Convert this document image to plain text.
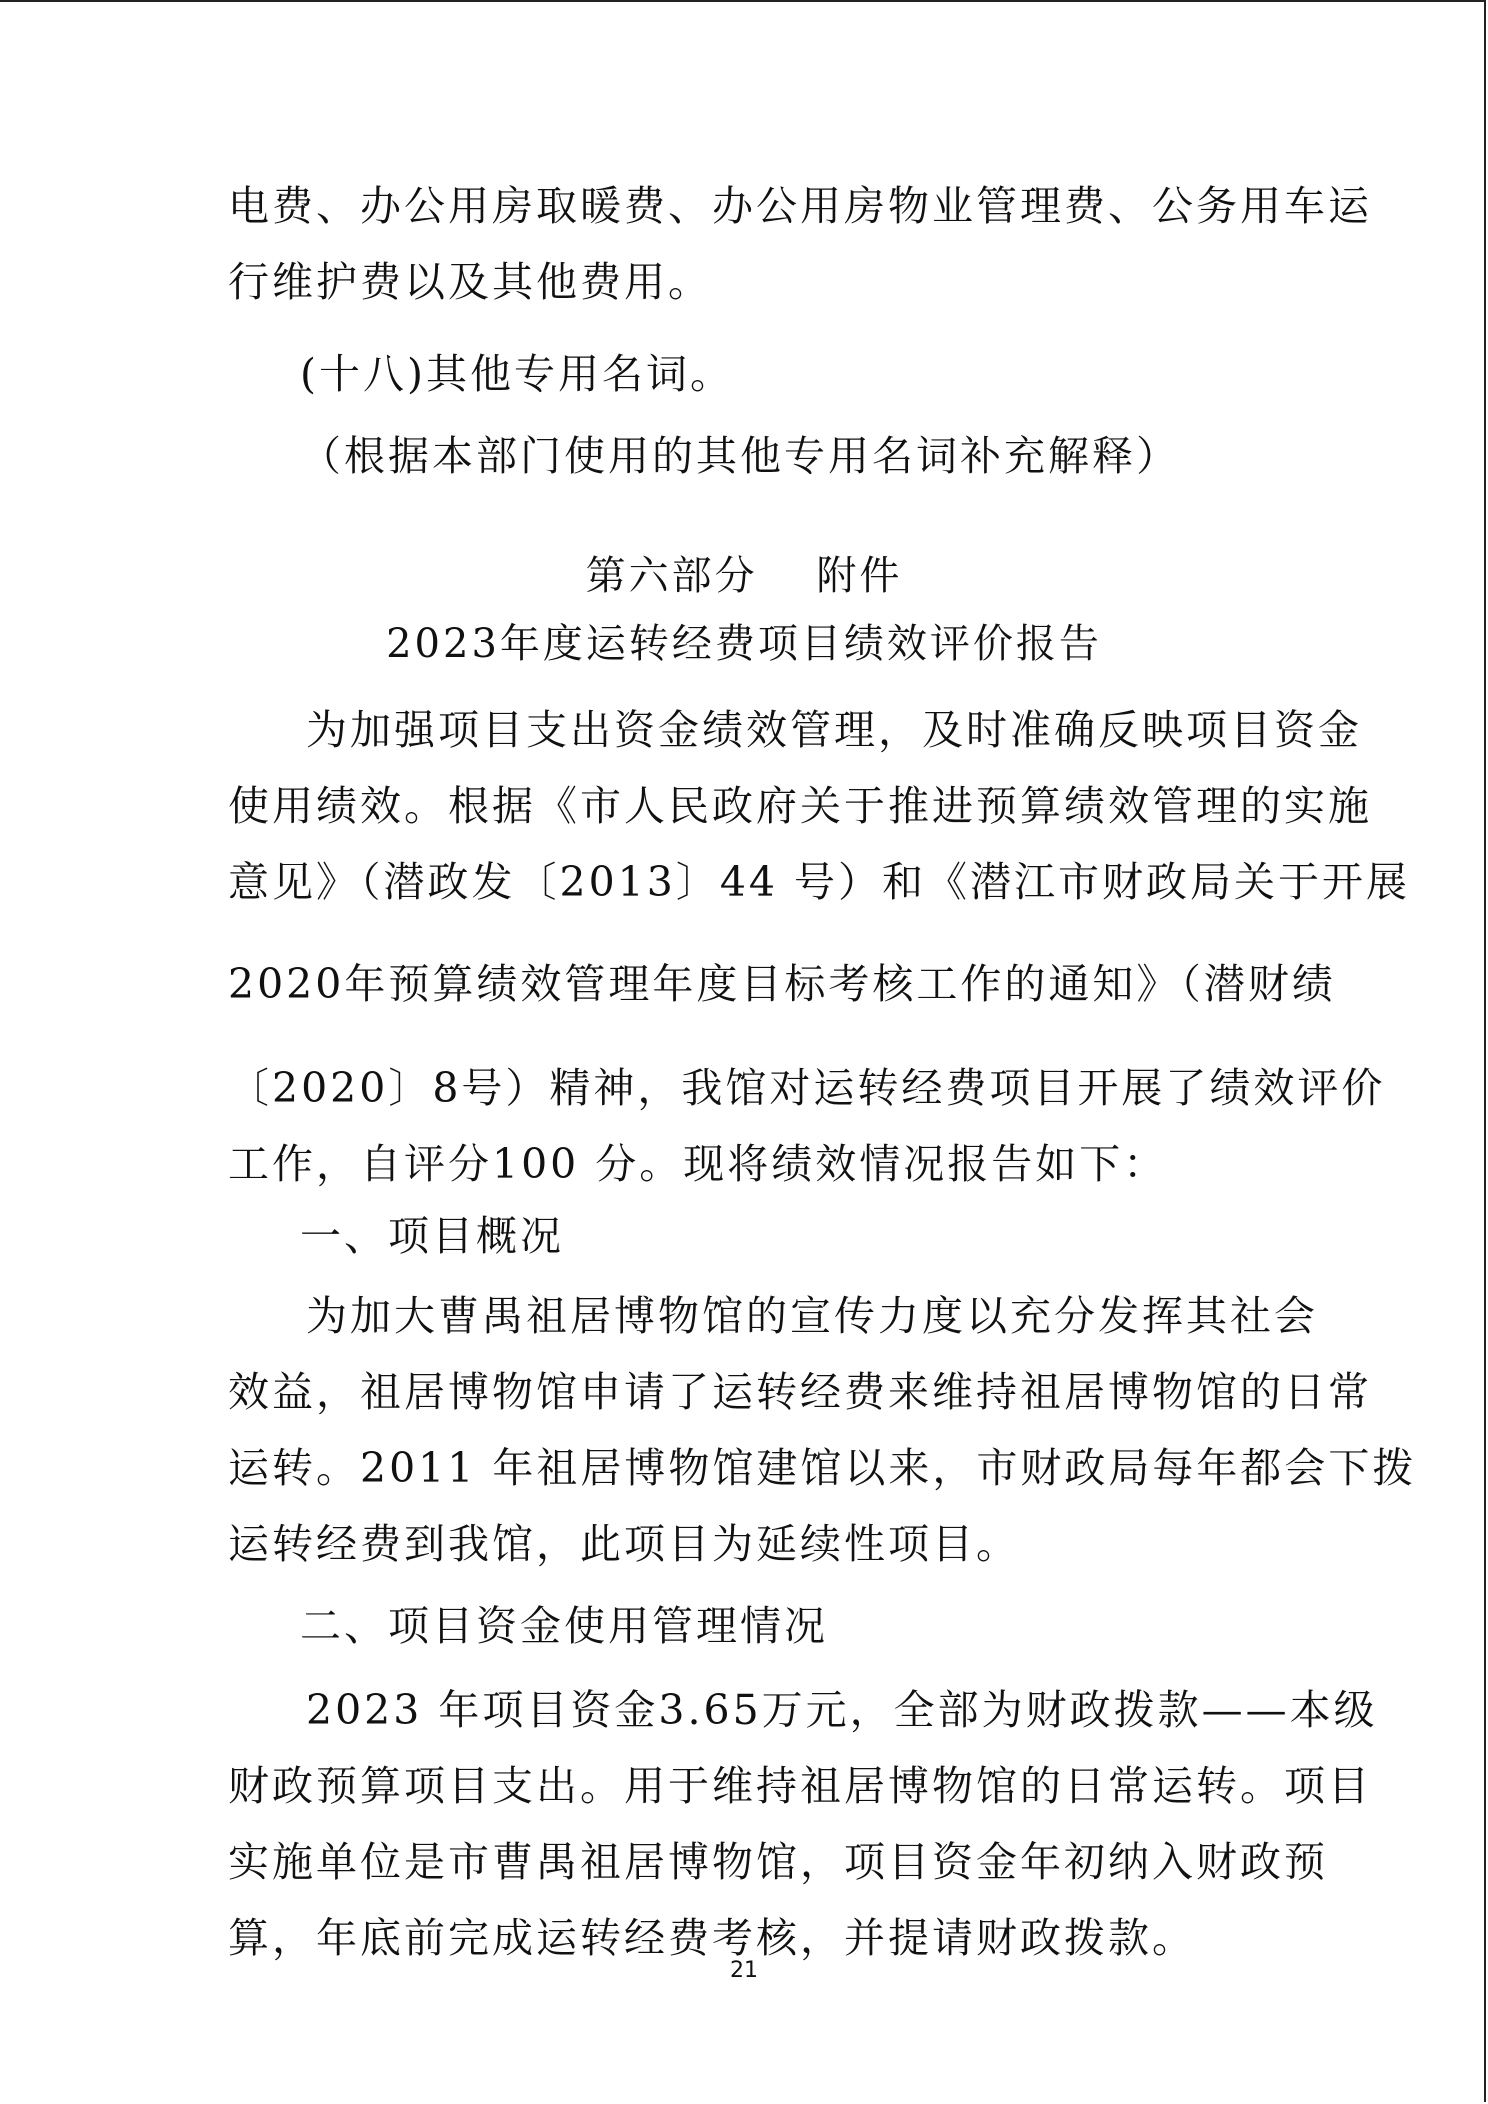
电费、办公用房取暖费、办公用房物业管理费、公务用车运
行维护费以及其他费用。
(十八)其他专用名词。
（根据本部门使用的其他专用名词补充解释）
第六部分　 附件
2023年度运转经费项目绩效评价报告
为加强项目支出资金绩效管理，及时准确反映项目资金
使用绩效。根据《市人民政府关于推进预算绩效管理的实施
意见》（潜政发〔2013〕44 号）和《潜江市财政局关于开展
2020年预算绩效管理年度目标考核工作的通知》（潜财绩
〔2020〕8号）精神，我馆对运转经费项目开展了绩效评价
工作，自评分100 分。现将绩效情况报告如下：
一、项目概况
为加大曹禺祖居博物馆的宣传力度以充分发挥其社会
效益，祖居博物馆申请了运转经费来维持祖居博物馆的日常
运转。2011 年祖居博物馆建馆以来，市财政局每年都会下拨
运转经费到我馆，此项目为延续性项目。
二、项目资金使用管理情况
2023 年项目资金3.65万元，全部为财政拨款——本级
财政预算项目支出。用于维持祖居博物馆的日常运转。项目
实施单位是市曹禺祖居博物馆，项目资金年初纳入财政预
算，年底前完成运转经费考核，并提请财政拨款。
21
